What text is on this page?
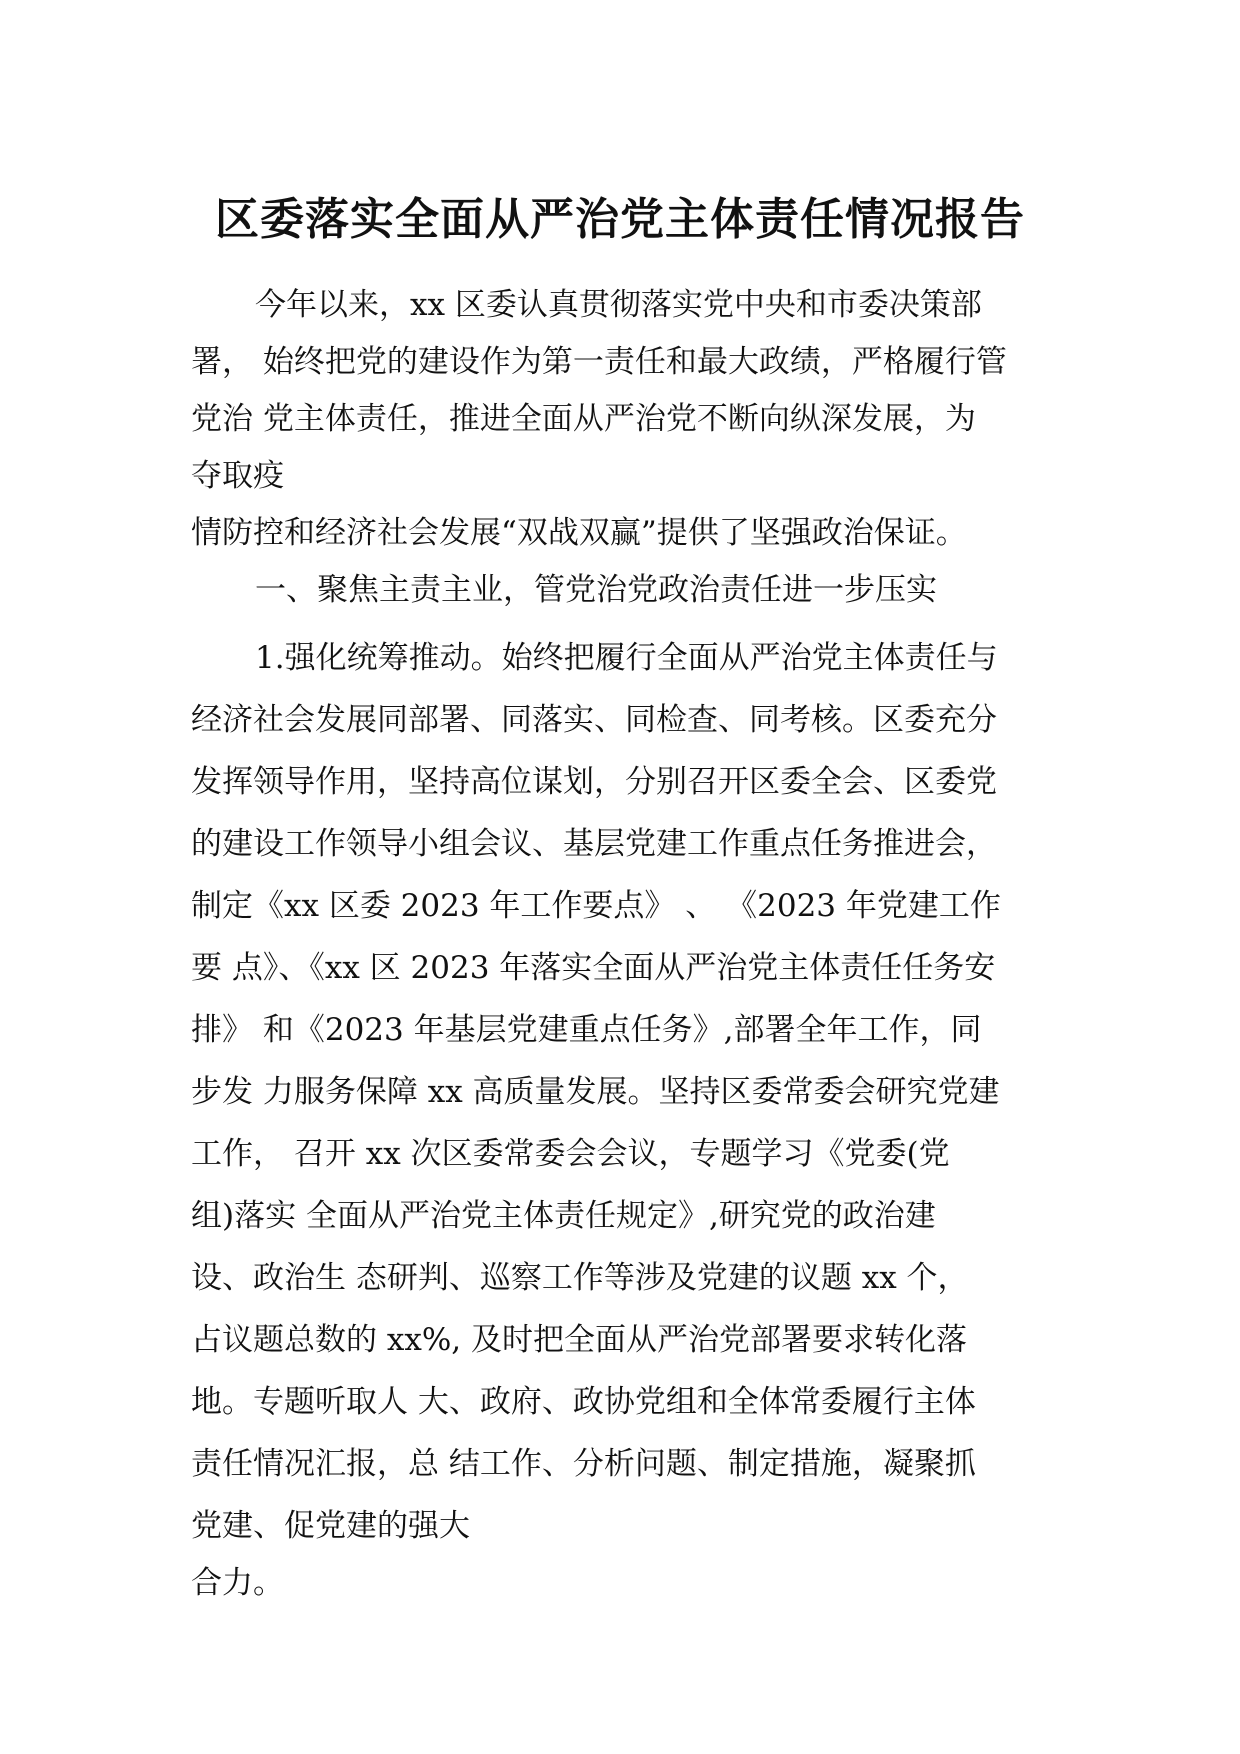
区委落实全面从严治党主体责任情况报告

今年以来，xx 区委认真贯彻落实党中央和市委决策部

署， 始终把党的建设作为第一责任和最大政绩，严格履行管

党治 党主体责任，推进全面从严治党不断向纵深发展，为

夺取疫

情防控和经济社会发展“双战双赢”提供了坚强政治保证。

一、聚焦主责主业，管党治党政治责任进一步压实

1.强化统筹推动。始终把履行全面从严治党主体责任与

经济社会发展同部署、同落实、同检查、同考核。区委充分

发挥领导作用，坚持高位谋划，分别召开区委全会、区委党

的建设工作领导小组会议、基层党建工作重点任务推进会，

制定《xx 区委 2023 年工作要点》 、 《2023 年党建工作

要 点》、《xx 区 2023 年落实全面从严治党主体责任任务安

排》 和《2023 年基层党建重点任务》,部署全年工作，同

步发 力服务保障 xx 高质量发展。坚持区委常委会研究党建

工作， 召开 xx 次区委常委会会议，专题学习《党委(党

组)落实 全面从严治党主体责任规定》,研究党的政治建

设、政治生 态研判、巡察工作等涉及党建的议题 xx 个，

占议题总数的 xx%, 及时把全面从严治党部署要求转化落

地。专题听取人 大、政府、政协党组和全体常委履行主体

责任情况汇报，总 结工作、分析问题、制定措施，凝聚抓

党建、促党建的强大

合力。
